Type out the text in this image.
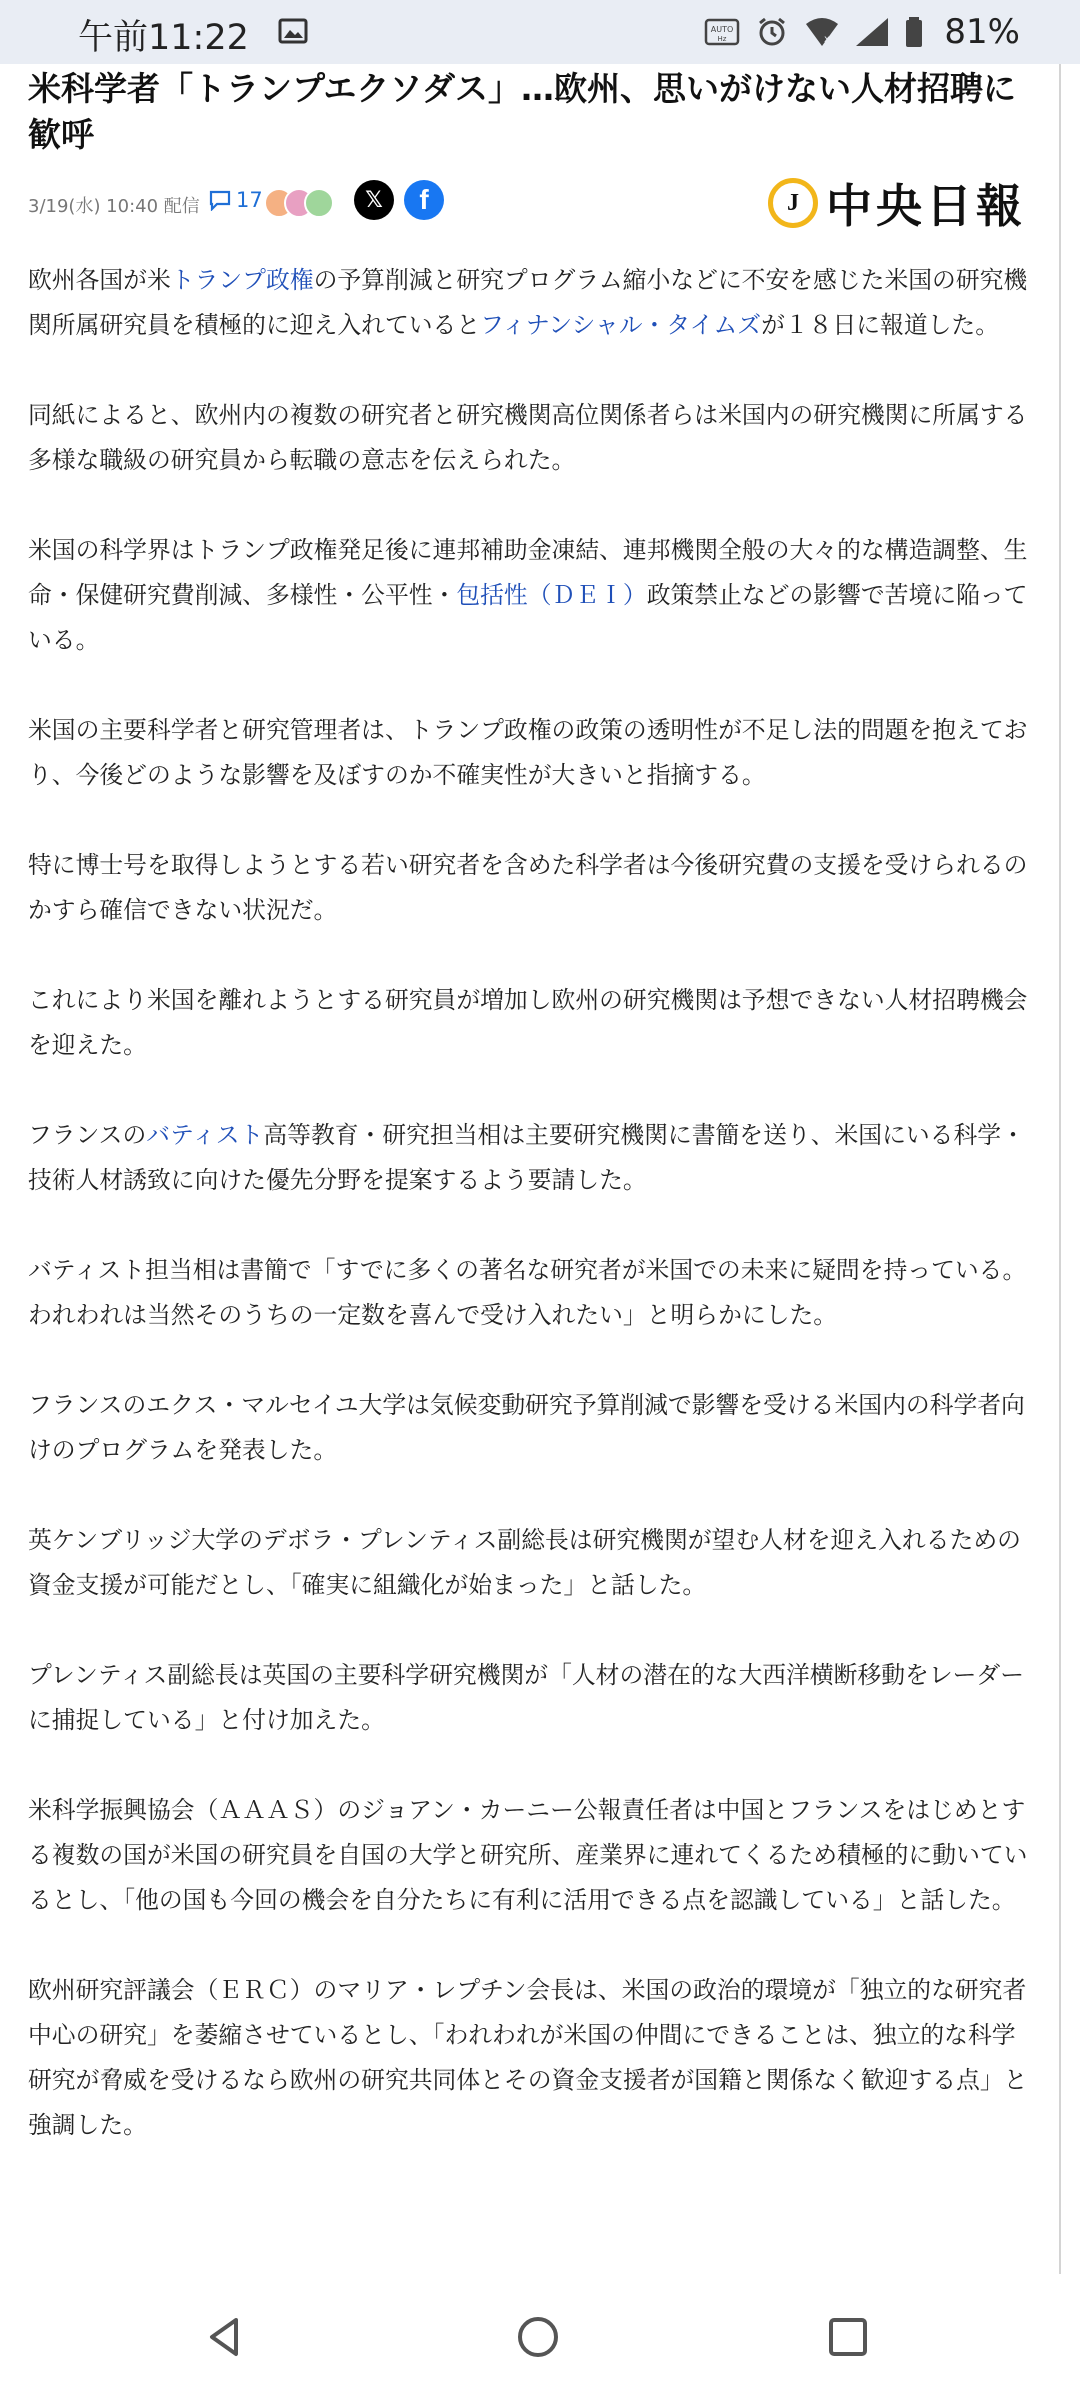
午前11:22	AUTO
Hz	x	81%
米科学者「トランプエクソダス」…欧州、思いがけない人材招聘に歓呼
3/19(水) 10:40 配信 17	𝕏	f	J 中央日報

欧州各国が米トランプ政権の予算削減と研究プログラム縮小などに不安を感じた米国の研究機関所属研究員を積極的に迎え入れているとフィナンシャル・タイムズが１８日に報道した。

同紙によると、欧州内の複数の研究者と研究機関高位関係者らは米国内の研究機関に所属する多様な職級の研究員から転職の意志を伝えられた。

米国の科学界はトランプ政権発足後に連邦補助金凍結、連邦機関全般の大々的な構造調整、生命・保健研究費削減、多様性・公平性・包括性（ＤＥＩ）政策禁止などの影響で苦境に陥っている。

米国の主要科学者と研究管理者は、トランプ政権の政策の透明性が不足し法的問題を抱えており、今後どのような影響を及ぼすのか不確実性が大きいと指摘する。

特に博士号を取得しようとする若い研究者を含めた科学者は今後研究費の支援を受けられるのかすら確信できない状況だ。

これにより米国を離れようとする研究員が増加し欧州の研究機関は予想できない人材招聘機会を迎えた。

フランスのバティスト高等教育・研究担当相は主要研究機関に書簡を送り、米国にいる科学・技術人材誘致に向けた優先分野を提案するよう要請した。

バティスト担当相は書簡で「すでに多くの著名な研究者が米国での未来に疑問を持っている。われわれは当然そのうちの一定数を喜んで受け入れたい」と明らかにした。

フランスのエクス・マルセイユ大学は気候変動研究予算削減で影響を受ける米国内の科学者向けのプログラムを発表した。

英ケンブリッジ大学のデボラ・プレンティス副総長は研究機関が望む人材を迎え入れるための資金支援が可能だとし、「確実に組織化が始まった」と話した。

プレンティス副総長は英国の主要科学研究機関が「人材の潜在的な大西洋横断移動をレーダーに捕捉している」と付け加えた。

米科学振興協会（ＡＡＡＳ）のジョアン・カーニー公報責任者は中国とフランスをはじめとする複数の国が米国の研究員を自国の大学と研究所、産業界に連れてくるため積極的に動いているとし、「他の国も今回の機会を自分たちに有利に活用できる点を認識している」と話した。

欧州研究評議会（ＥＲＣ）のマリア・レプチン会長は、米国の政治的環境が「独立的な研究者中心の研究」を萎縮させているとし、「われわれが米国の仲間にできることは、独立的な科学研究が脅威を受けるなら欧州の研究共同体とその資金支援者が国籍と関係なく歓迎する点」と強調した。
